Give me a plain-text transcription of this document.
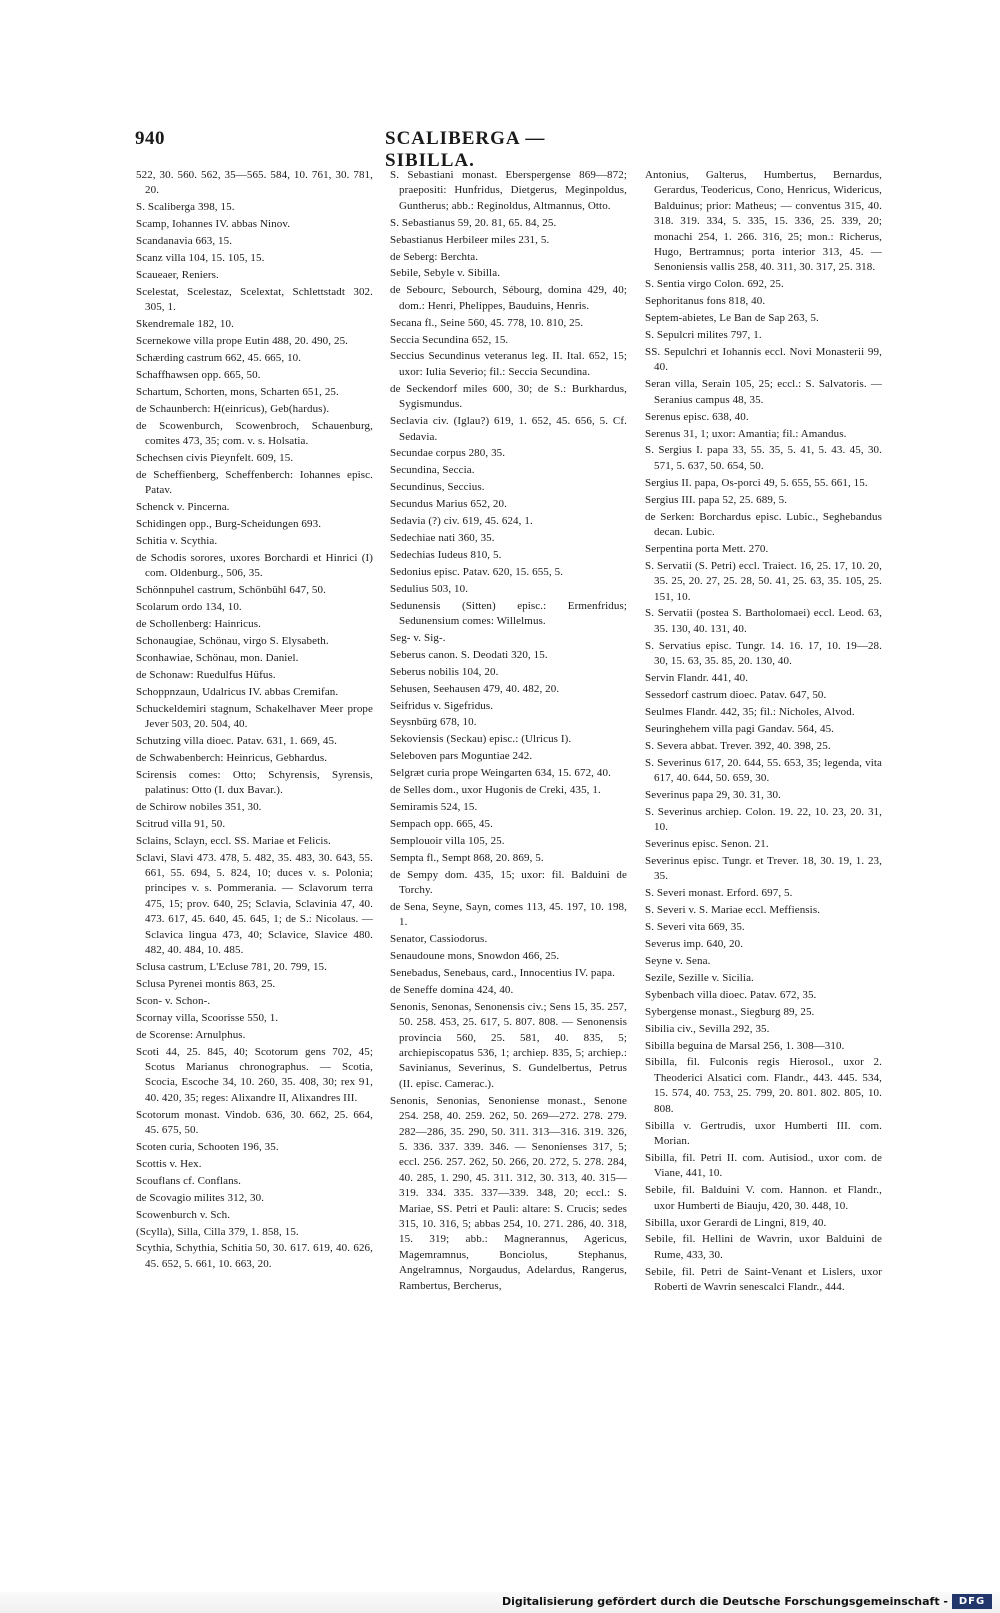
940	SCALIBERGA — SIBILLA.

522, 30. 560. 562, 35—565. 584, 10. 761, 30. 781, 20.

S. Scaliberga 398, 15.

Scamp, Iohannes IV. abbas Ninov.

Scandanavia 663, 15.

Scanz villa 104, 15. 105, 15.

Scaueaer, Reniers.

Scelestat, Scelestaz, Scelextat, Schlettstadt 302. 305, 1.

Skendremale 182, 10.

Scernekowe villa prope Eutin 488, 20. 490, 25.

Schærding castrum 662, 45. 665, 10.

Schaffhawsen opp. 665, 50.

Schartum, Schorten, mons, Scharten 651, 25.

de Schaunberch: H(einricus), Geb(hardus).

de Scowenburch, Scowenbroch, Schauenburg, comites 473, 35; com. v. s. Holsatia.

Schechsen civis Pieynfelt. 609, 15.

de Scheffienberg, Scheffenberch: Iohannes episc. Patav.

Schenck v. Pincerna.

Schidingen opp., Burg-Scheidungen 693.

Schitia v. Scythia.

de Schodis sorores, uxores Borchardi et Hinrici (I) com. Oldenburg., 506, 35.

Schönnpuhel castrum, Schönbühl 647, 50.

Scolarum ordo 134, 10.

de Schollenberg: Hainricus.

Schonaugiae, Schönau, virgo S. Elysabeth.

Sconhawiae, Schönau, mon. Daniel.

de Schonaw: Ruedulfus Hüfus.

Schoppnzaun, Udalricus IV. abbas Cremifan.

Schuckeldemiri stagnum, Schakelhaver Meer prope Jever 503, 20. 504, 40.

Schutzing villa dioec. Patav. 631, 1. 669, 45.

de Schwabenberch: Heinricus, Gebhardus.

Scirensis comes: Otto; Schyrensis, Syrensis, palatinus: Otto (I. dux Bavar.).

de Schirow nobiles 351, 30.

Scitrud villa 91, 50.

Sclains, Sclayn, eccl. SS. Mariae et Felicis.

Sclavi, Slavi 473. 478, 5. 482, 35. 483, 30. 643, 55. 661, 55. 694, 5. 824, 10; duces v. s. Polonia; principes v. s. Pommerania. — Sclavorum terra 475, 15; prov. 640, 25; Sclavia, Sclavinia 47, 40. 473. 617, 45. 640, 45. 645, 1; de S.: Nicolaus. — Sclavica lingua 473, 40; Sclavice, Slavice 480. 482, 40. 484, 10. 485.

Sclusa castrum, L'Ecluse 781, 20. 799, 15.

Sclusa Pyrenei montis 863, 25.

Scon- v. Schon-.

Scornay villa, Scoorisse 550, 1.

de Scorense: Arnulphus.

Scoti 44, 25. 845, 40; Scotorum gens 702, 45; Scotus Marianus chronographus. — Scotia, Scocia, Escoche 34, 10. 260, 35. 408, 30; rex 91, 40. 420, 35; reges: Alixandre II, Alixandres III.

Scotorum monast. Vindob. 636, 30. 662, 25. 664, 45. 675, 50.

Scoten curia, Schooten 196, 35.

Scottis v. Hex.

Scouflans cf. Conflans.

de Scovagio milites 312, 30.

Scowenburch v. Sch.

(Scylla), Silla, Cilla 379, 1. 858, 15.

Scythia, Schythia, Schitia 50, 30. 617. 619, 40. 626, 45. 652, 5. 661, 10. 663, 20.

S. Sebastiani monast. Eberspergense 869—872; praepositi: Hunfridus, Dietgerus, Meginpoldus, Guntherus; abb.: Reginoldus, Altmannus, Otto.

S. Sebastianus 59, 20. 81, 65. 84, 25.

Sebastianus Herbileer miles 231, 5.

de Seberg: Berchta.

Sebile, Sebyle v. Sibilla.

de Sebourc, Sebourch, Sébourg, domina 429, 40; dom.: Henri, Phelippes, Bauduins, Henris.

Secana fl., Seine 560, 45. 778, 10. 810, 25.

Seccia Secundina 652, 15.

Seccius Secundinus veteranus leg. II. Ital. 652, 15; uxor: Iulia Severio; fil.: Seccia Secundina.

de Seckendorf miles 600, 30; de S.: Burkhardus, Sygismundus.

Seclavia civ. (Iglau?) 619, 1. 652, 45. 656, 5. Cf. Sedavia.

Secundae corpus 280, 35.

Secundina, Seccia.

Secundinus, Seccius.

Secundus Marius 652, 20.

Sedavia (?) civ. 619, 45. 624, 1.

Sedechiae nati 360, 35.

Sedechias Iudeus 810, 5.

Sedonius episc. Patav. 620, 15. 655, 5.

Sedulius 503, 10.

Sedunensis (Sitten) episc.: Ermenfridus; Sedunensium comes: Willelmus.

Seg- v. Sig-.

Seberus canon. S. Deodati 320, 15.

Seberus nobilis 104, 20.

Sehusen, Seehausen 479, 40. 482, 20.

Seifridus v. Sigefridus.

Seysnbürg 678, 10.

Sekoviensis (Seckau) episc.: (Ulricus I).

Seleboven pars Moguntiae 242.

Selgræt curia prope Weingarten 634, 15. 672, 40.

de Selles dom., uxor Hugonis de Creki, 435, 1.

Semiramis 524, 15.

Sempach opp. 665, 45.

Semplouoir villa 105, 25.

Sempta fl., Sempt 868, 20. 869, 5.

de Sempy dom. 435, 15; uxor: fil. Balduini de Torchy.

de Sena, Seyne, Sayn, comes 113, 45. 197, 10. 198, 1.

Senator, Cassiodorus.

Senaudoune mons, Snowdon 466, 25.

Senebadus, Senebaus, card., Innocentius IV. papa.

de Seneffe domina 424, 40.

Senonis, Senonas, Senonensis civ.; Sens 15, 35. 257, 50. 258. 453, 25. 617, 5. 807. 808. — Senonensis provincia 560, 25. 581, 40. 835, 5; archiepiscopatus 536, 1; archiep. 835, 5; archiep.: Savinianus, Severinus, S. Gundelbertus, Petrus (II. episc. Camerac.).

Senonis, Senonias, Senoniense monast., Senone 254. 258, 40. 259. 262, 50. 269—272. 278. 279. 282—286, 35. 290, 50. 311. 313—316. 319. 326, 5. 336. 337. 339. 346. — Senonienses 317, 5; eccl. 256. 257. 262, 50. 266, 20. 272, 5. 278. 284, 40. 285, 1. 290, 45. 311. 312, 30. 313, 40. 315—319. 334. 335. 337—339. 348, 20; eccl.: S. Mariae, SS. Petri et Pauli: altare: S. Crucis; sedes 315, 10. 316, 5; abbas 254, 10. 271. 286, 40. 318, 15. 319; abb.: Magnerannus, Agericus, Magemramnus, Bonciolus, Stephanus, Angelramnus, Norgaudus, Adelardus, Rangerus, Rambertus, Bercherus,

Antonius, Galterus, Humbertus, Bernardus, Gerardus, Teodericus, Cono, Henricus, Widericus, Balduinus; prior: Matheus; — conventus 315, 40. 318. 319. 334, 5. 335, 15. 336, 25. 339, 20; monachi 254, 1. 266. 316, 25; mon.: Richerus, Hugo, Bertramnus; porta interior 313, 45. — Senoniensis vallis 258, 40. 311, 30. 317, 25. 318.

S. Sentia virgo Colon. 692, 25.

Sephoritanus fons 818, 40.

Septem-abietes, Le Ban de Sap 263, 5.

S. Sepulcri milites 797, 1.

SS. Sepulchri et Iohannis eccl. Novi Monasterii 99, 40.

Seran villa, Serain 105, 25; eccl.: S. Salvatoris. — Seranius campus 48, 35.

Serenus episc. 638, 40.

Serenus 31, 1; uxor: Amantia; fil.: Amandus.

S. Sergius I. papa 33, 55. 35, 5. 41, 5. 43. 45, 30. 571, 5. 637, 50. 654, 50.

Sergius II. papa, Os-porci 49, 5. 655, 55. 661, 15.

Sergius III. papa 52, 25. 689, 5.

de Serken: Borchardus episc. Lubic., Seghebandus decan. Lubic.

Serpentina porta Mett. 270.

S. Servatii (S. Petri) eccl. Traiect. 16, 25. 17, 10. 20, 35. 25, 20. 27, 25. 28, 50. 41, 25. 63, 35. 105, 25. 151, 10.

S. Servatii (postea S. Bartholomaei) eccl. Leod. 63, 35. 130, 40. 131, 40.

S. Servatius episc. Tungr. 14. 16. 17, 10. 19—28. 30, 15. 63, 35. 85, 20. 130, 40.

Servin Flandr. 441, 40.

Sessedorf castrum dioec. Patav. 647, 50.

Seulmes Flandr. 442, 35; fil.: Nicholes, Alvod.

Seuringhehem villa pagi Gandav. 564, 45.

S. Severa abbat. Trever. 392, 40. 398, 25.

S. Severinus 617, 20. 644, 55. 653, 35; legenda, vita 617, 40. 644, 50. 659, 30.

Severinus papa 29, 30. 31, 30.

S. Severinus archiep. Colon. 19. 22, 10. 23, 20. 31, 10.

Severinus episc. Senon. 21.

Severinus episc. Tungr. et Trever. 18, 30. 19, 1. 23, 35.

S. Severi monast. Erford. 697, 5.

S. Severi v. S. Mariae eccl. Meffiensis.

S. Severi vita 669, 35.

Severus imp. 640, 20.

Seyne v. Sena.

Sezile, Sezille v. Sicilia.

Sybenbach villa dioec. Patav. 672, 35.

Sybergense monast., Siegburg 89, 25.

Sibilia civ., Sevilla 292, 35.

Sibilla beguina de Marsal 256, 1. 308—310.

Sibilla, fil. Fulconis regis Hierosol., uxor 2. Theoderici Alsatici com. Flandr., 443. 445. 534, 15. 574, 40. 753, 25. 799, 20. 801. 802. 805, 10. 808.

Sibilla v. Gertrudis, uxor Humberti III. com. Morian.

Sibilla, fil. Petri II. com. Autisiod., uxor com. de Viane, 441, 10.

Sebile, fil. Balduini V. com. Hannon. et Flandr., uxor Humberti de Biauju, 420, 30. 448, 10.

Sibilla, uxor Gerardi de Lingni, 819, 40.

Sebile, fil. Hellini de Wavrin, uxor Balduini de Rume, 433, 30.

Sebile, fil. Petri de Saint-Venant et Lislers, uxor Roberti de Wavrin senescalci Flandr., 444.

Digitalisierung gefördert durch die Deutsche Forschungsgemeinschaft -	DFG
